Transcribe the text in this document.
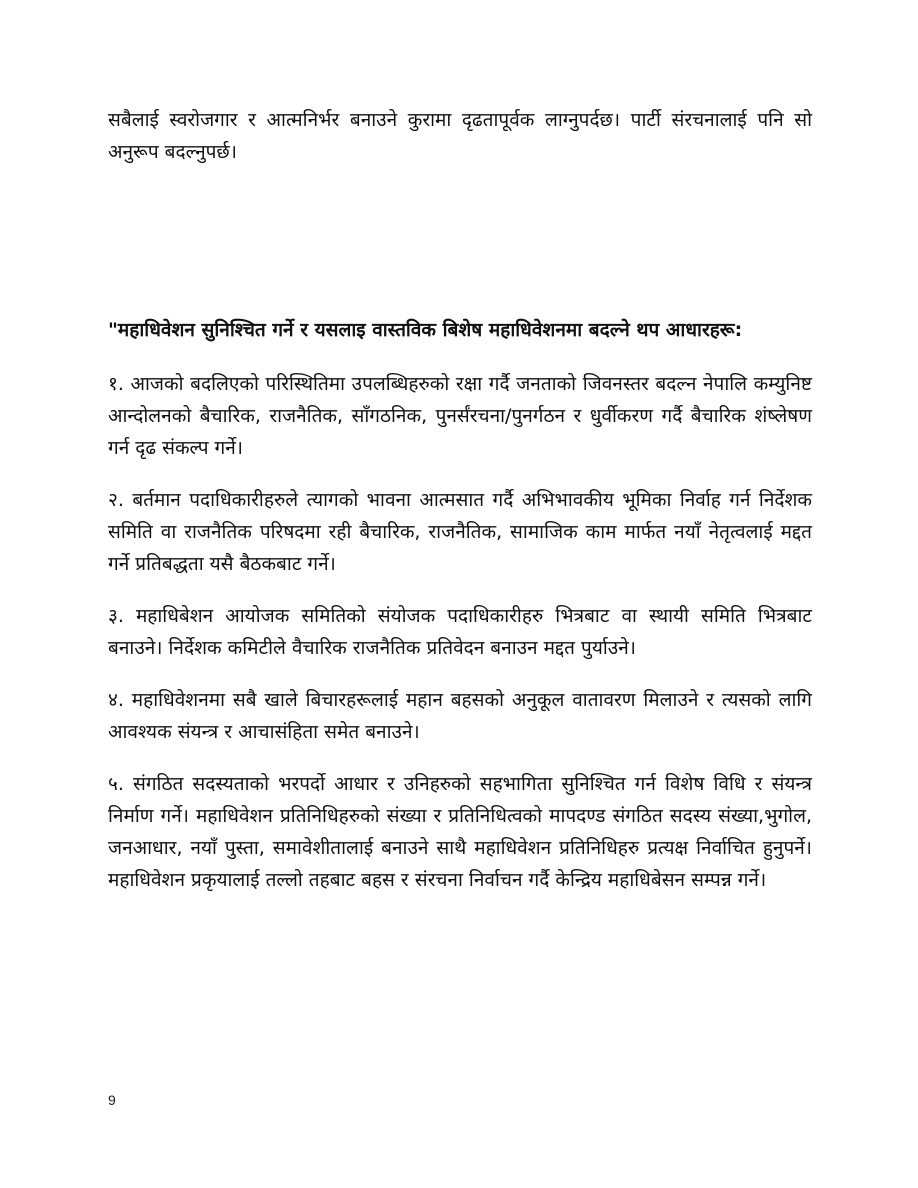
सबैलाई स्वरोजगार र आत्मनिर्भर बनाउने कुरामा दृढतापूर्वक लाग्नुपर्दछ। पार्टी संरचनालाई पनि सो अनुरूप बदल्नुपर्छ।

"महाधिवेशन सुनिश्चित गर्ने र यसलाइ वास्तविक बिशेष महाधिवेशनमा बदल्ने थप आधारहरू:

१. आजको बदलिएको परिस्थितिमा उपलब्धिहरुको रक्षा गर्दै जनताको जिवनस्तर बदल्न नेपालि कम्युनिष्ट आन्दोलनको बैचारिक, राजनैतिक, साँगठनिक, पुनर्संरचना/पुनर्गठन र धुर्वीकरण गर्दै बैचारिक शंष्लेषण गर्न दृढ संकल्प गर्ने।

२. बर्तमान पदाधिकारीहरुले त्यागको भावना आत्मसात गर्दै अभिभावकीय भूमिका निर्वाह गर्न निर्देशक समिति वा राजनैतिक परिषदमा रही बैचारिक, राजनैतिक, सामाजिक काम मार्फत नयाँ नेतृत्वलाई मद्दत गर्ने प्रतिबद्धता यसै बैठकबाट गर्ने।

३. महाधिबेशन आयोजक समितिको संयोजक पदाधिकारीहरु भित्रबाट वा स्थायी समिति भित्रबाट बनाउने। निर्देशक कमिटीले वैचारिक राजनैतिक प्रतिवेदन बनाउन मद्दत पुर्याउने।

४. महाधिवेशनमा सबै खाले बिचारहरूलाई महान बहसको अनुकूल वातावरण मिलाउने र त्यसको लागि आवश्यक संयन्त्र र आचासंहिता समेत बनाउने।

५. संगठित सदस्यताको भरपर्दो आधार र उनिहरुको सहभागिता सुनिश्चित गर्न विशेष विधि र संयन्त्र निर्माण गर्ने। महाधिवेशन प्रतिनिधिहरुको संख्या र प्रतिनिधित्वको मापदण्ड संगठित सदस्य संख्या,भुगोल, जनआधार, नयाँ पुस्ता, समावेशीतालाई बनाउने साथै महाधिवेशन प्रतिनिधिहरु प्रत्यक्ष निर्वाचित हुनुपर्ने। महाधिवेशन प्रकृयालाई तल्लो तहबाट बहस र संरचना निर्वाचन गर्दै केन्द्रिय महाधिबेसन सम्पन्न गर्ने।

9
